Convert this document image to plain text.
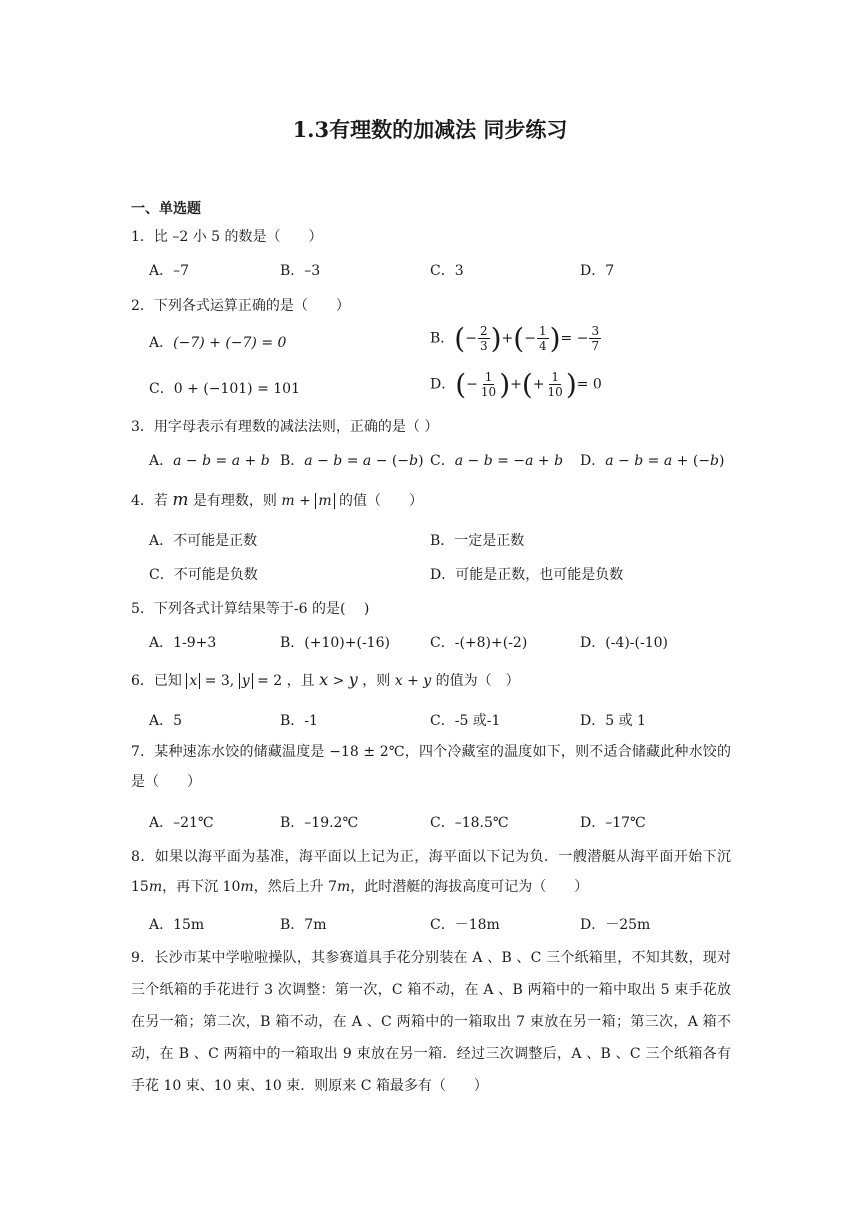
1.3有理数的加减法 同步练习
一、单选题
1．比 –2 小 5 的数是（　　）
A．–7	B．–3	C．3	D．7
2．下列各式运算正确的是（　　）
A．(−7) + (−7) = 0	B．(− $\frac{2}{3}$ )+(− $\frac{1}{4}$ )= − $\frac{3}{7}$
C．0 + (−101) = 101	D．(− $\frac{1}{10}$ )+(+ $\frac{1}{10}$ )= 0
3．用字母表示有理数的减法法则，正确的是（ ）
A．a − b = a + b B．a − b = a − (−b) C．a − b = −a + b D．a − b = a + (−b)
4．若 m 是有理数，则 m + m 的值（　　）
A．不可能是正数	B．一定是正数
C．不可能是负数	D．可能是正数，也可能是负数
5．下列各式计算结果等于-6 的是(　 )
A．1-9+3	B．(+10)+(-16)	C．-(+8)+(-2)	D．(-4)-(-10)
6．已知 x = 3, y = 2 ，且 x > y ，则 x + y 的值为（　）
A．5	B．-1	C．-5 或-1	D．5 或 1
7．某种速冻水饺的储藏温度是 −18 ± 2℃，四个冷藏室的温度如下，则不适合储藏此种水饺的是（　　）
A．–21℃	B．–19.2℃	C．–18.5℃	D．–17℃
8．如果以海平面为基准，海平面以上记为正，海平面以下记为负．一艘潜艇从海平面开始下沉 15m，再下沉 10m，然后上升 7m，此时潜艇的海拔高度可记为（　　）
A．15m	B．7m	C．－18m	D．－25m
9．长沙市某中学啦啦操队，其参赛道具手花分别装在 A 、B 、C 三个纸箱里，不知其数，现对三个纸箱的手花进行 3 次调整：第一次，C 箱不动，在 A 、B 两箱中的一箱中取出 5 束手花放在另一箱；第二次，B 箱不动，在 A 、C 两箱中的一箱取出 7 束放在另一箱；第三次，A 箱不动，在 B 、C 两箱中的一箱取出 9 束放在另一箱．经过三次调整后，A 、B 、C 三个纸箱各有手花 10 束、10 束、10 束．则原来 C 箱最多有（　　）
